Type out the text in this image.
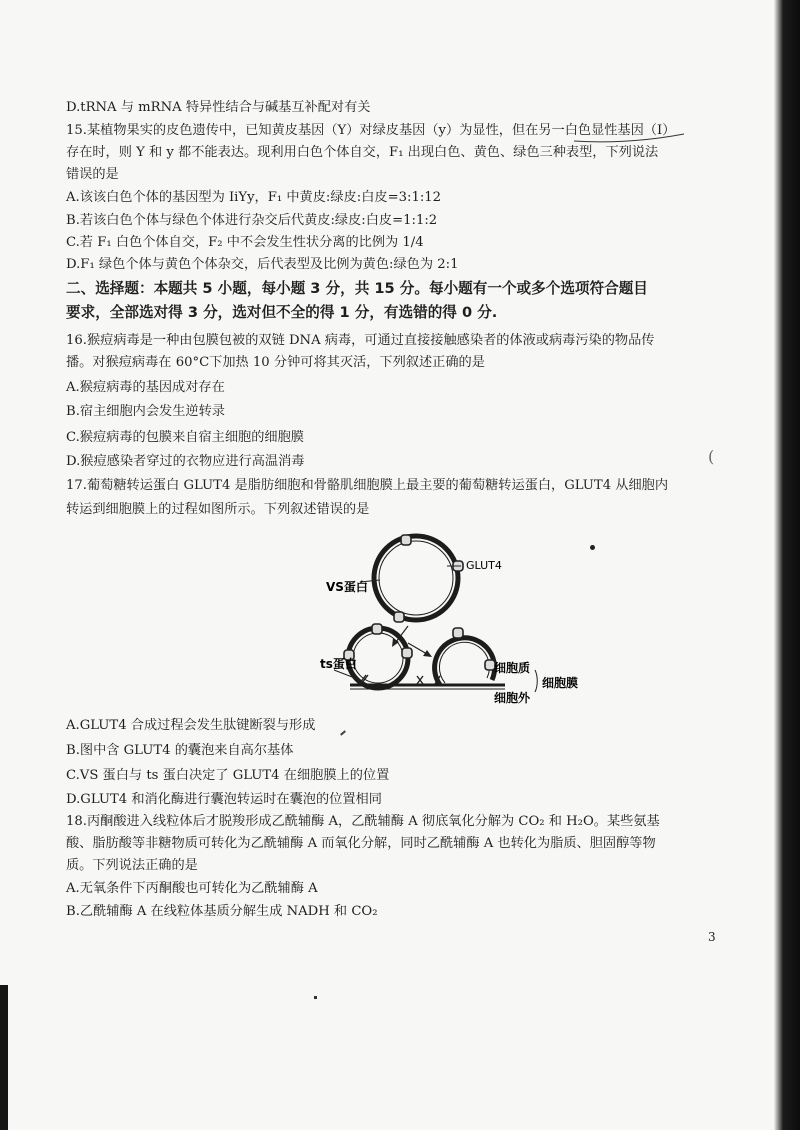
D.tRNA 与 mRNA 特异性结合与碱基互补配对有关
15.某植物果实的皮色遗传中，已知黄皮基因（Y）对绿皮基因（y）为显性，但在另一白色显性基因（I）
存在时，则 Y 和 y 都不能表达。现利用白色个体自交，F₁ 出现白色、黄色、绿色三种表型，下列说法
错误的是
A.该该白色个体的基因型为 IiYy，F₁ 中黄皮:绿皮:白皮=3:1:12
B.若该白色个体与绿色个体进行杂交后代黄皮:绿皮:白皮=1:1:2
C.若 F₁ 白色个体自交，F₂ 中不会发生性状分离的比例为 1/4
D.F₁ 绿色个体与黄色个体杂交，后代表型及比例为黄色:绿色为 2:1
二、选择题：本题共 5 小题，每小题 3 分，共 15 分。每小题有一个或多个选项符合题目
要求，全部选对得 3 分，选对但不全的得 1 分，有选错的得 0 分.
16.猴痘病毒是一种由包膜包被的双链 DNA 病毒，可通过直接接触感染者的体液或病毒污染的物品传
播。对猴痘病毒在 60°C下加热 10 分钟可将其灭活，下列叙述正确的是
A.猴痘病毒的基因成对存在
B.宿主细胞内会发生逆转录
C.猴痘病毒的包膜来自宿主细胞的细胞膜
D.猴痘感染者穿过的衣物应进行高温消毒
17.葡萄糖转运蛋白 GLUT4 是脂肪细胞和骨骼肌细胞膜上最主要的葡萄糖转运蛋白，GLUT4 从细胞内
转运到细胞膜上的过程如图所示。下列叙述错误的是
GLUT4
VS蛋白
ts蛋白	细胞质
细胞膜
细胞外
(
A.GLUT4 合成过程会发生肽键断裂与形成
B.图中含 GLUT4 的囊泡来自高尔基体
C.VS 蛋白与 ts 蛋白决定了 GLUT4 在细胞膜上的位置
D.GLUT4 和消化酶进行囊泡转运时在囊泡的位置相同
18.丙酮酸进入线粒体后才脱羧形成乙酰辅酶 A，乙酰辅酶 A 彻底氧化分解为 CO₂ 和 H₂O。某些氨基
酸、脂肪酸等非糖物质可转化为乙酰辅酶 A 而氧化分解，同时乙酰辅酶 A 也转化为脂质、胆固醇等物
质。下列说法正确的是
A.无氧条件下丙酮酸也可转化为乙酰辅酶 A
B.乙酰辅酶 A 在线粒体基质分解生成 NADH 和 CO₂
3
